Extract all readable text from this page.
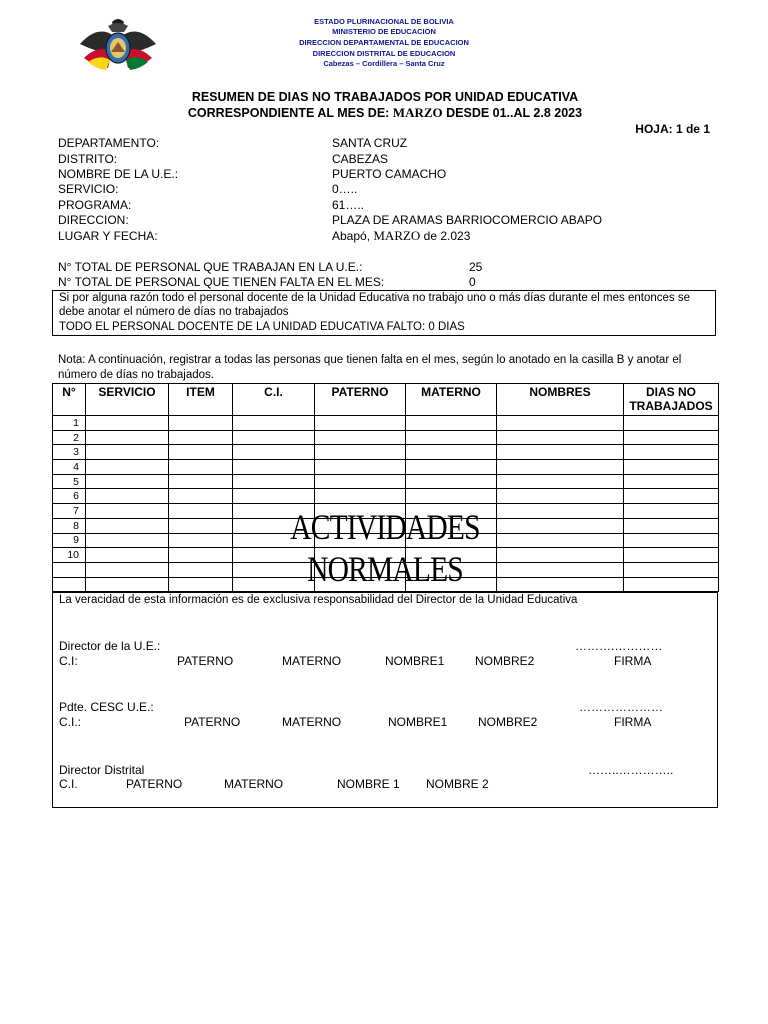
ESTADO PLURINACIONAL DE BOLIVIA
MINISTERIO DE EDUCACION
DIRECCION DEPARTAMENTAL DE EDUCACION
DIRECCION DISTRITAL DE EDUCACION
Cabezas – Cordillera – Santa Cruz
RESUMEN DE DIAS NO TRABAJADOS POR UNIDAD EDUCATIVA
CORRESPONDIENTE AL MES DE: MARZO DESDE 01..AL 2.8 2023
HOJA: 1 de 1
DEPARTAMENTO:	SANTA CRUZ
DISTRITO:	CABEZAS
NOMBRE DE LA U.E.:	PUERTO CAMACHO
SERVICIO:	0…..
PROGRAMA:	61…..
DIRECCION:	PLAZA DE ARAMAS BARRIOCOMERCIO ABAPO
LUGAR Y FECHA:	Abapó, MARZO de 2.023
N° TOTAL DE PERSONAL QUE TRABAJAN EN LA U.E.:	25
N° TOTAL DE PERSONAL QUE TIENEN FALTA EN EL MES:	0
Si por alguna razón todo el personal docente de la Unidad Educativa no trabajo uno o más días durante el mes entonces se
debe anotar el número de días no trabajados
TODO EL PERSONAL DOCENTE DE LA UNIDAD EDUCATIVA FALTO: 0 DIAS
Nota: A continuación, registrar a todas las personas que tienen falta en el mes, según lo anotado en la casilla B y anotar el
número de días no trabajados.
N°	SERVICIO	ITEM	C.I.	PATERNO	MATERNO	NOMBRES	DIAS NO TRABAJADOS
1							
2							
3							
4							
5							
6							
7							
8							
9							
10							

ACTIVIDADES NORMALES
La veracidad de esta información es de exclusiva responsabilidad del Director de la Unidad Educativa
Director de la U.E.:	……….…………
C.I:	PATERNO	MATERNO	NOMBRE1	NOMBRE2	FIRMA
Pdte. CESC U.E.:	…………………
C.I.:	PATERNO	MATERNO	NOMBRE1	NOMBRE2	FIRMA
Director Distrital	……..…………..
C.I.	PATERNO	MATERNO	NOMBRE 1 NOMBRE 2
